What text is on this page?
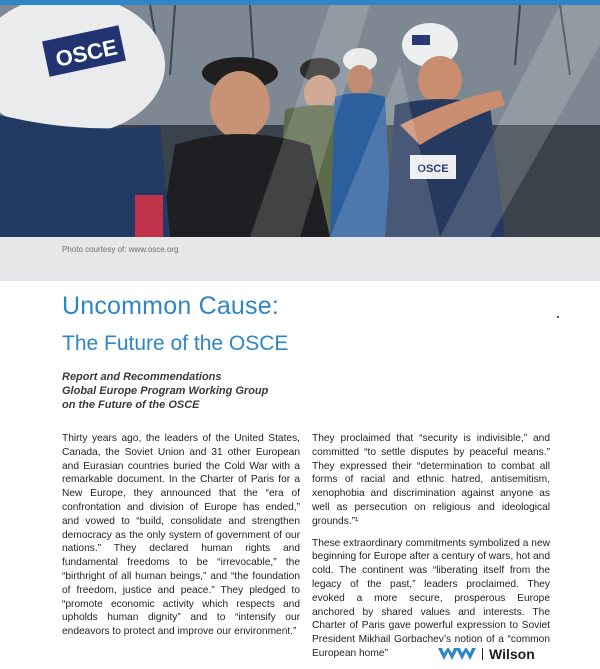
OSCE
OSCE
Photo courtesy of: www.osce.org
Uncommon Cause:
The Future of the OSCE
Report and Recommendations
Global Europe Program Working Group
on the Future of the OSCE

Thirty years ago, the leaders of the United States, Canada, the Soviet Union and 31 other European and Eurasian countries buried the Cold War with a remarkable document. In the Charter of Paris for a New Europe, they announced that the “era of confrontation and division of Europe has ended,” and vowed to “build, consolidate and strengthen democracy as the only system of government of our nations.” They declared human rights and fundamental freedoms to be “irrevocable,” the “birthright of all human beings,” and “the foundation of freedom, justice and peace.” They pledged to “promote economic activity which respects and upholds human dignity” and to “intensify our endeavors to protect and improve our environment.”

They proclaimed that “security is indivisible,” and committed “to settle disputes by peaceful means.” They expressed their “determination to combat all forms of racial and ethnic hatred, antisemitism, xenophobia and discrimination against anyone as well as persecution on religious and ideological grounds.”¹

These extraordinary commitments symbolized a new beginning for Europe after a century of wars, hot and cold. The continent was “liberating itself from the legacy of the past,” leaders proclaimed. They evoked a more secure, prosperous Europe anchored by shared values and interests. The Charter of Paris gave powerful expression to Soviet President Mikhail Gorbachev’s notion of a “common European home”	Wilson
